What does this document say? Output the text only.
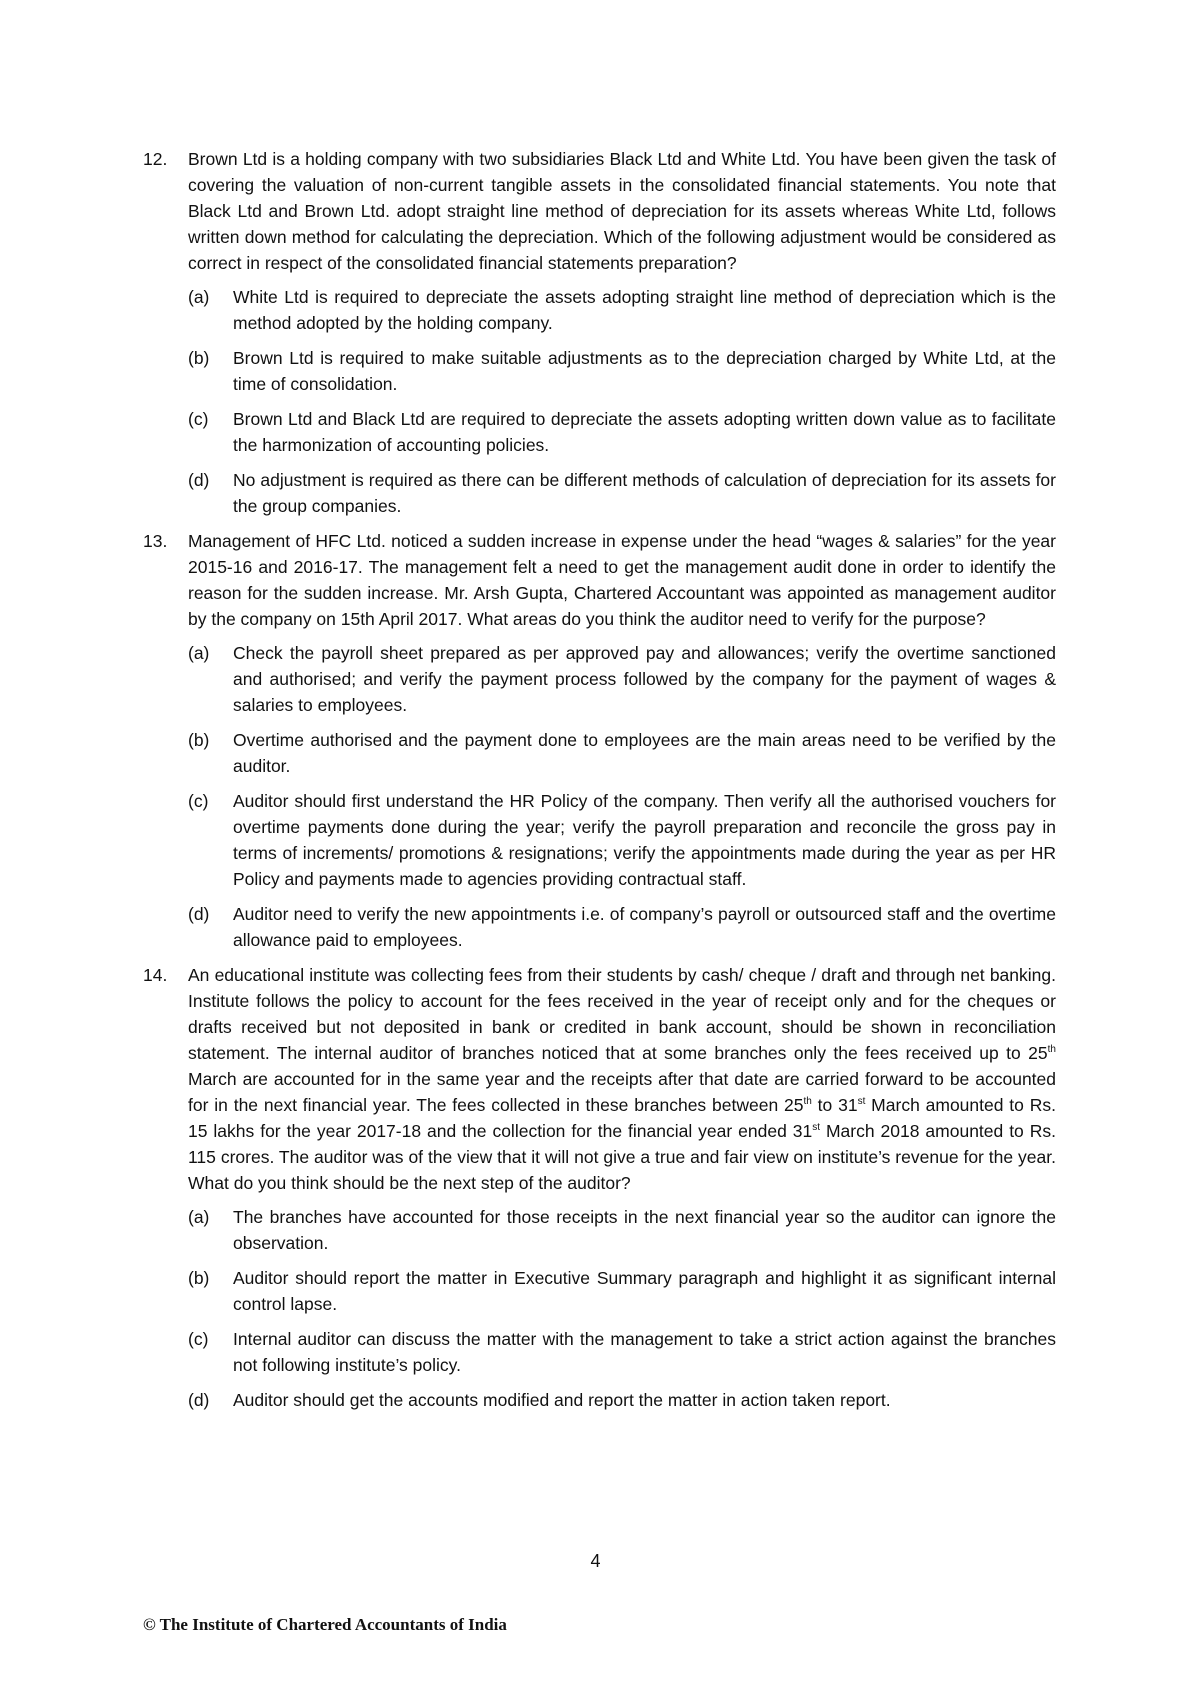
12.	Brown Ltd is a holding company with two subsidiaries Black Ltd and White Ltd. You have been given the task of covering the valuation of non-current tangible assets in the consolidated financial statements. You note that Black Ltd and Brown Ltd. adopt straight line method of depreciation for its assets whereas White Ltd, follows written down method for calculating the depreciation. Which of the following adjustment would be considered as correct in respect of the consolidated financial statements preparation?

(a) White Ltd is required to depreciate the assets adopting straight line method of depreciation which is the method adopted by the holding company.

(b) Brown Ltd is required to make suitable adjustments as to the depreciation charged by White Ltd, at the time of consolidation.

(c) Brown Ltd and Black Ltd are required to depreciate the assets adopting written down value as to facilitate the harmonization of accounting policies.

(d) No adjustment is required as there can be different methods of calculation of depreciation for its assets for the group companies.

13.	Management of HFC Ltd. noticed a sudden increase in expense under the head “wages & salaries” for the year 2015-16 and 2016-17. The management felt a need to get the management audit done in order to identify the reason for the sudden increase. Mr. Arsh Gupta, Chartered Accountant was appointed as management auditor by the company on 15th April 2017. What areas do you think the auditor need to verify for the purpose?

(a) Check the payroll sheet prepared as per approved pay and allowances; verify the overtime sanctioned and authorised; and verify the payment process followed by the company for the payment of wages & salaries to employees.

(b) Overtime authorised and the payment done to employees are the main areas need to be verified by the auditor.

(c) Auditor should first understand the HR Policy of the company. Then verify all the authorised vouchers for overtime payments done during the year; verify the payroll preparation and reconcile the gross pay in terms of increments/ promotions & resignations; verify the appointments made during the year as per HR Policy and payments made to agencies providing contractual staff.

(d) Auditor need to verify the new appointments i.e. of company’s payroll or outsourced staff and the overtime allowance paid to employees.

14.	An educational institute was collecting fees from their students by cash/ cheque / draft and through net banking. Institute follows the policy to account for the fees received in the year of receipt only and for the cheques or drafts received but not deposited in bank or credited in bank account, should be shown in reconciliation statement. The internal auditor of branches noticed that at some branches only the fees received up to 25th March are accounted for in the same year and the receipts after that date are carried forward to be accounted for in the next financial year. The fees collected in these branches between 25th to 31st March amounted to Rs. 15 lakhs for the year 2017-18 and the collection for the financial year ended 31st March 2018 amounted to Rs. 115 crores. The auditor was of the view that it will not give a true and fair view on institute’s revenue for the year. What do you think should be the next step of the auditor?

(a) The branches have accounted for those receipts in the next financial year so the auditor can ignore the observation.

(b) Auditor should report the matter in Executive Summary paragraph and highlight it as significant internal control lapse.

(c) Internal auditor can discuss the matter with the management to take a strict action against the branches not following institute’s policy.

(d) Auditor should get the accounts modified and report the matter in action taken report.

4
© The Institute of Chartered Accountants of India
